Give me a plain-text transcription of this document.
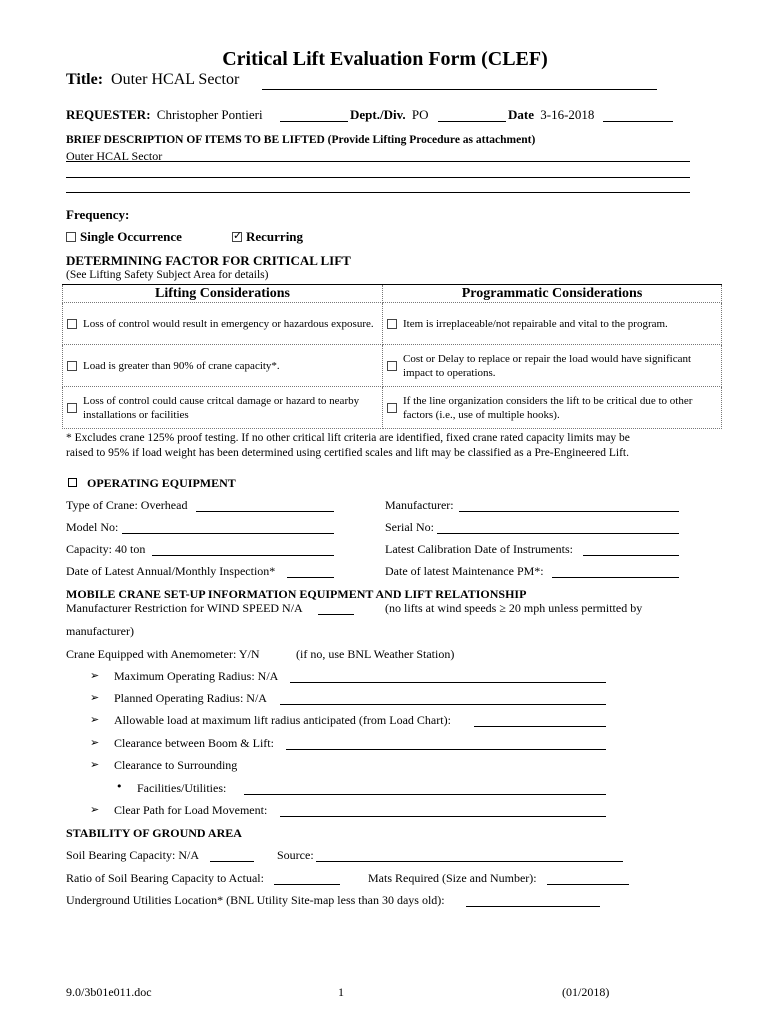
Critical Lift Evaluation Form (CLEF)
Title: Outer HCAL Sector
REQUESTER: Christopher Pontieri	Dept./Div. PO	Date 3-16-2018
BRIEF DESCRIPTION OF ITEMS TO BE LIFTED (Provide Lifting Procedure as attachment)
Outer HCAL Sector
Frequency:
Single Occurrence ✓	Recurring
DETERMINING FACTOR FOR CRITICAL LIFT
(See Lifting Safety Subject Area for details)
Lifting Considerations	Programmatic Considerations

Loss of control would result in emergency or hazardous exposure.	Item is irreplaceable/not repairable and vital to the program.

Load is greater than 90% of crane capacity*.	Cost or Delay to replace or repair the load would have significant impact to operations.

Loss of control could cause critcal damage or hazard to nearby installations or facilities	If the line organization considers the lift to be critical due to other factors (i.e., use of multiple hooks).
* Excludes crane 125% proof testing. If no other critical lift criteria are identified, fixed crane rated capacity limits may be
raised to 95% if load weight has been determined using certified scales and lift may be classified as a Pre-Engineered Lift.
OPERATING EQUIPMENT
Type of Crane: Overhead	Manufacturer:
Model No:	Serial No:
Capacity: 40 ton	Latest Calibration Date of Instruments:
Date of Latest Annual/Monthly Inspection*	Date of latest Maintenance PM*:
MOBILE CRANE SET-UP INFORMATION EQUIPMENT AND LIFT RELATIONSHIP
Manufacturer Restriction for WIND SPEED N/A	(no lifts at wind speeds ≥ 20 mph unless permitted by
manufacturer)
Crane Equipped with Anemometer: Y/N	(if no, use BNL Weather Station)
➢ Maximum Operating Radius: N/A
➢ Planned Operating Radius: N/A
➢ Allowable load at maximum lift radius anticipated (from Load Chart):
➢ Clearance between Boom & Lift:
➢ Clearance to Surrounding
• Facilities/Utilities:
➢ Clear Path for Load Movement:
STABILITY OF GROUND AREA
Soil Bearing Capacity: N/A	Source:
Ratio of Soil Bearing Capacity to Actual:	Mats Required (Size and Number):
Underground Utilities Location* (BNL Utility Site-map less than 30 days old):
9.0/3b01e011.doc	1	(01/2018)
